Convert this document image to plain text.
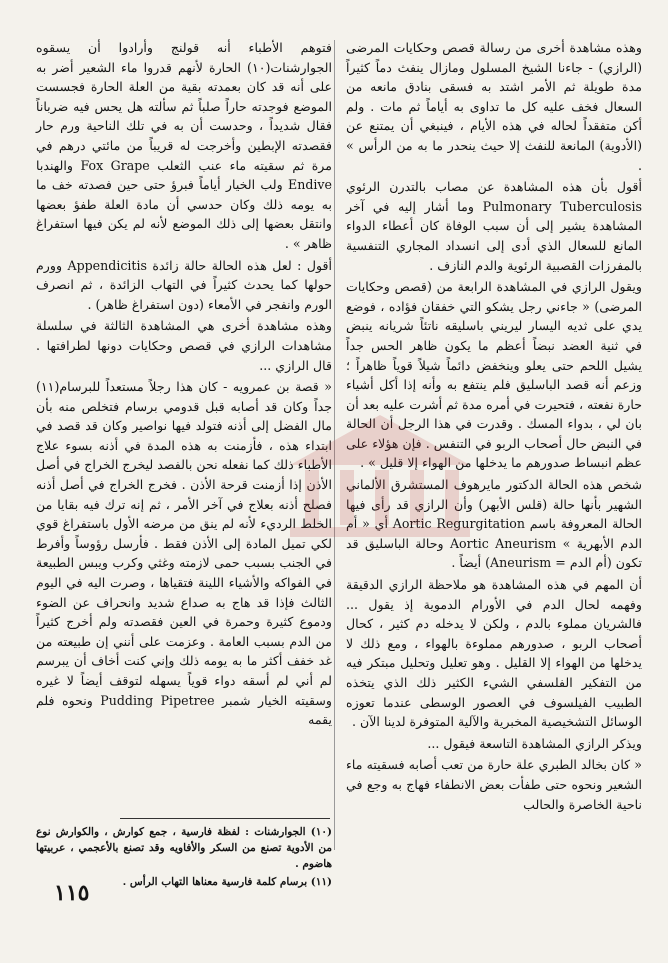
وهذه مشاهدة أخرى من رسالة قصص وحكايات المرضى (الرازي) - جاءنا الشيخ المسلول ومازال ينفث دماً كثيراً مدة طويلة ثم الأمر اشتد به فسقى بنادق مانعه من السعال فخف عليه كل ما تداوى به أياماً ثم مات . ولم أكن متفقداً لحاله في هذه الأيام ، فينبغي أن يمتنع عن (الأدوية) المانعة للنفث إلا حيث ينحدر ما به من الرأس » .

أقول بأن هذه المشاهدة عن مصاب بالتدرن الرئوي Pulmonary Tuberculosis وما أشار إليه في آخر المشاهدة يشير إلى أن سبب الوفاة كان أعطاء الدواء المانع للسعال الذي أدى إلى انسداد المجاري التنفسية بالمفرزات القصبية الرئوية والدم النازف .

ويقول الرازي في المشاهدة الرابعة من (قصص وحكايات المرضى) « جاءني رجل يشكو التي خفقان فؤاده ، فوضع يدي على ثديه اليسار ليريني باسليقه ناتئاً شريانه ينبض في ثنية العضد نبضاً أعظم ما يكون ظاهر الحس جداً يشيل اللحم حتى يعلو وينخفض دائماً شيلاً قوياً ظاهراً ؛ وزعم أنه قصد الباسليق فلم ينتفع به وأنه إذا أكل أشياء حارة نفعته ، فتحيرت في أمره مدة ثم أشرت عليه بعد أن بان لي ، بدواء المسك . وقدرت في هذا الرجل أن الحالة في النبض حال أصحاب الربو في التنفس . فإن هؤلاء على عظم انبساط صدورهم ما يدخلها من الهواء إلا قليل » .

شخص هذه الحالة الدكتور مايرهوف المستشرق الألماني الشهير بأنها حالة (قلس الأبهر) وأن الرازي قد رأى فيها الحالة المعروفة باسم Aortic Regurgitation أي « أم الدم الأبهرية » Aortic Aneurism وحالة الباسليق قد تكون (أم الدم = Aneurism) أيضاً .

أن المهم في هذه المشاهدة هو ملاحظة الرازي الدقيقة وفهمه لحال الدم في الأورام الدموية إذ يقول ... فالشريان مملوء بالدم ، ولكن لا يدخله دم كثير ، كحال أصحاب الربو ، صدورهم مملوءة بالهواء ، ومع ذلك لا يدخلها من الهواء إلا القليل . وهو تعليل وتحليل مبتكر فيه من التفكير الفلسفي الشيء الكثير ذلك الذي يتخذه الطبيب الفيلسوف في العصور الوسطى عندما تعوزه الوسائل التشخيصية المخبرية والآلية المتوفرة لدينا الآن .

ويذكر الرازي المشاهدة التاسعة فيقول ...

« كان بخالد الطبري علة حارة من تعب أصابه فسقيته ماء الشعير ونحوه حتى طفأت بعض الانطفاء فهاج به وجع في ناحية الخاصرة والحالب

فتوهم الأطباء أنه قولنج وأرادوا أن يسقوه الجوارشنات(١٠) الحارة لأنهم قدروا ماء الشعير أضر به على أنه قد كان بعمدته بقية من العلة الحارة فجسست الموضع فوجدته حاراً صلباً ثم سألته هل يحس فيه ضرباناً فقال شديداً ، وحدست أن به في تلك الناحية ورم حار فقصدته الإبطين وأخرجت له قريباً من مائتي درهم في مرة ثم سقيته ماء عنب الثعلب Fox Grape والهندبا Endive ولب الخيار أياماً فبرؤ حتى حين فصدته خف ما به يومه ذلك وكان حدسي أن مادة العلة طفؤ بعضها وانتقل بعضها إلى ذلك الموضع لأنه لم يكن فيها استفراغ ظاهر » .

أقول : لعل هذه الحالة حالة زائدة Appendicitis وورم حولها كما يحدث كثيراً في التهاب الزائدة ، ثم انصرف الورم وانفجر في الأمعاء (دون استفراغ ظاهر) .

وهذه مشاهدة أخرى هي المشاهدة الثالثة في سلسلة مشاهدات الرازي في قصص وحكايات دونها لطرافتها . قال الرازي ...

« قصة بن عمرويه - كان هذا رجلاً مستعداً للبرسام(١١) جداً وكان قد أصابه قبل قدومي برسام فتخلص منه بأن مال الفضل إلى أذنه فتولد فيها نواصير وكان قد قصد في ابتداء هذه ، فأزمنت به هذه المدة في أذنه بسوء علاج الأطباء ذلك كما نفعله نحن بالفصد ليخرج الخراج في أصل الأذن إذا أزمنت قرحة الأذن . فخرج الخراج في أصل أذنه فصلح أذنه بعلاج في آخر الأمر ، ثم إنه ترك فيه بقايا من الخلط الرديء لأنه لم ينق من مرضه الأول باستفراغ قوي لكي تميل المادة إلى الأذن فقط . فأرسل رؤوساً وأفرط في الجنب بسبب حمى لازمته وغثي وكرب ويبس الطبيعة في الفواكه والأشياء اللينة فتقياها ، وصرت اليه في اليوم الثالث فإذا قد هاج به صداع شديد وانحراف عن الضوء ودموع كثيرة وحمرة في العين فقصدته ولم أخرج كثيراً من الدم بسبب العامة . وعزمت على أنني إن طبيعته من غد خفف أكثر ما به يومه ذلك وإني كنت أخاف أن يبرسم لم أني لم أسقه دواء قوياً يسهله لتوقف أيضاً لا غيره وسقيته الخيار شمبر Pudding Pipetree ونحوه فلم يقمه

(١٠) الجوارشنات : لفظة فارسية ، جمع كوارش ، والكوارش نوع من الأدوية تصنع من السكر والأفاويه وقد تصنع بالأعجمي ، عربيتها هاضوم .

(١١) برسام كلمة فارسية معناها التهاب الرأس .

١١٥
